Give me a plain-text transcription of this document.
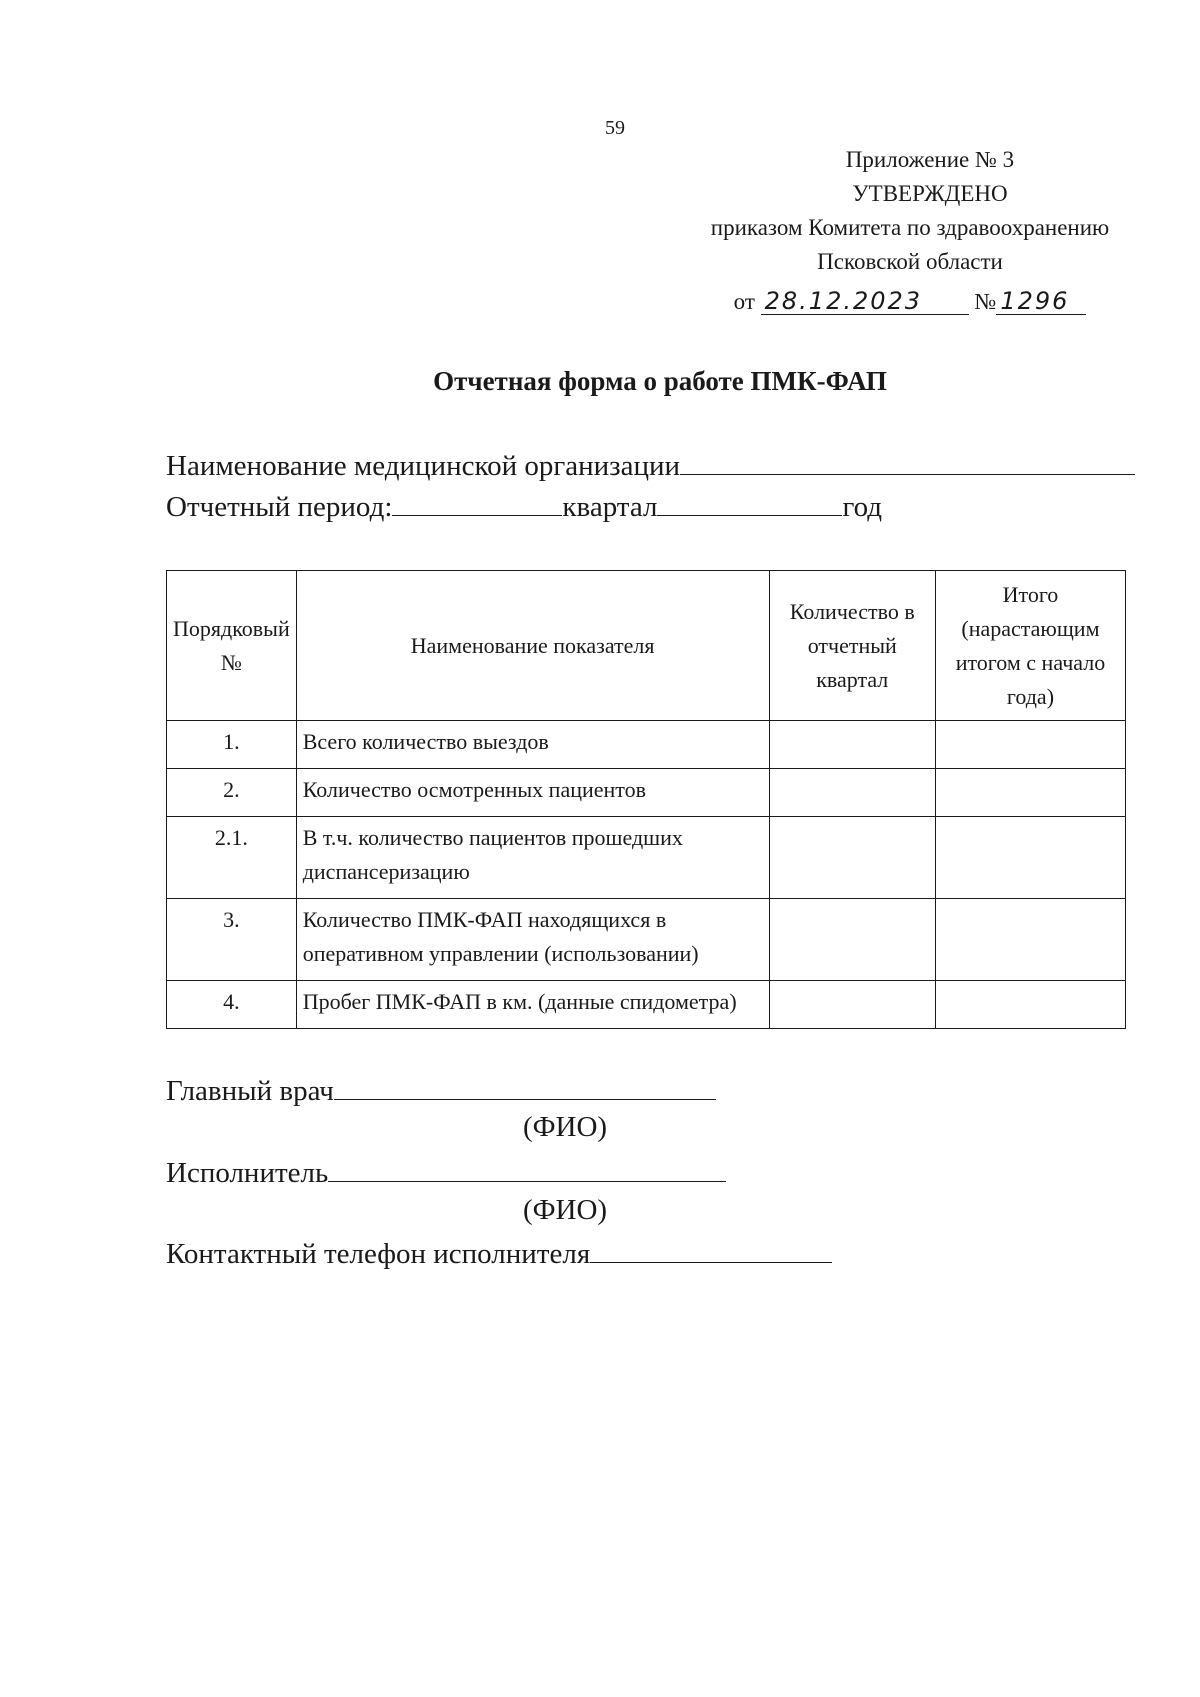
59
Приложение № 3
УТВЕРЖДЕНО
приказом Комитета по здравоохранению
Псковской области
от 28.12.2023 № 1296
Отчетная форма о работе ПМК-ФАП
Наименование медицинской организации
Отчетный период:	квартал	год
Порядковый №	Наименование показателя	Количество в отчетный квартал	Итого (нарастающим итогом с начало года)
1.	Всего количество выездов		
2.	Количество осмотренных пациентов		
2.1.	В т.ч. количество пациентов прошедших диспансеризацию		
3.	Количество ПМК-ФАП находящихся в оперативном управлении (использовании)		
4.	Пробег ПМК-ФАП в км. (данные спидометра)		
Главный врач
(ФИО)
Исполнитель
(ФИО)
Контактный телефон исполнителя
